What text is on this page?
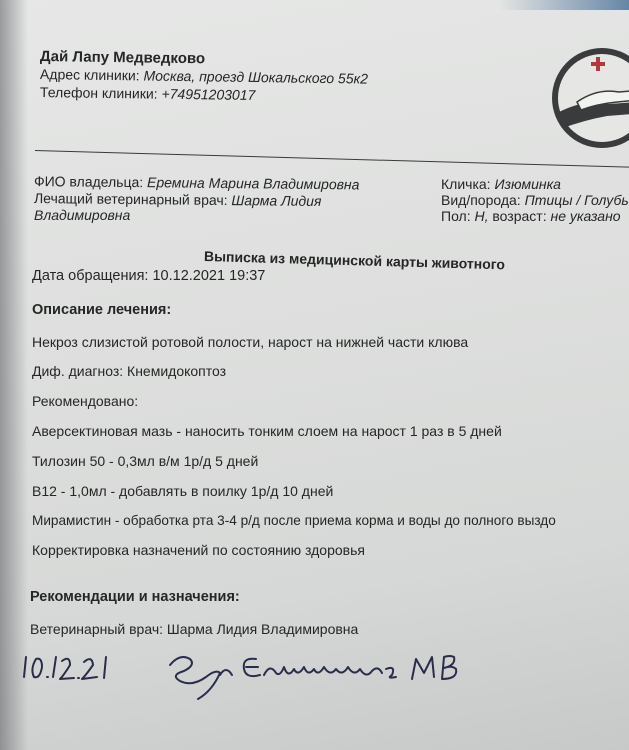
Дай Лапу Медведково
Адрес клиники: Москва, проезд Шокальского 55к2
Телефон клиники: +74951203017
ФИО владельца: Еремина Марина Владимировна
Лечащий ветеринарный врач: Шарма Лидия
Владимировна
Кличка: Изюминка
Вид/порода: Птицы / Голубь
Пол: Н, возраст: не указано
Выписка из медицинской карты животного
Дата обращения: 10.12.2021 19:37
Описание лечения:
Некроз слизистой ротовой полости, нарост на нижней части клюва
Диф. диагноз: Кнемидокоптоз
Рекомендовано:
Аверсектиновая мазь - наносить тонким слоем на нарост 1 раз в 5 дней
Тилозин 50 - 0,3мл в/м 1р/д 5 дней
B12 - 1,0мл - добавлять в поилку 1р/д 10 дней
Мирамистин - обработка рта 3-4 р/д после приема корма и воды до полного выздо
Корректировка назначений по состоянию здоровья
Рекомендации и назначения:
Ветеринарный врач: Шарма Лидия Владимировна
